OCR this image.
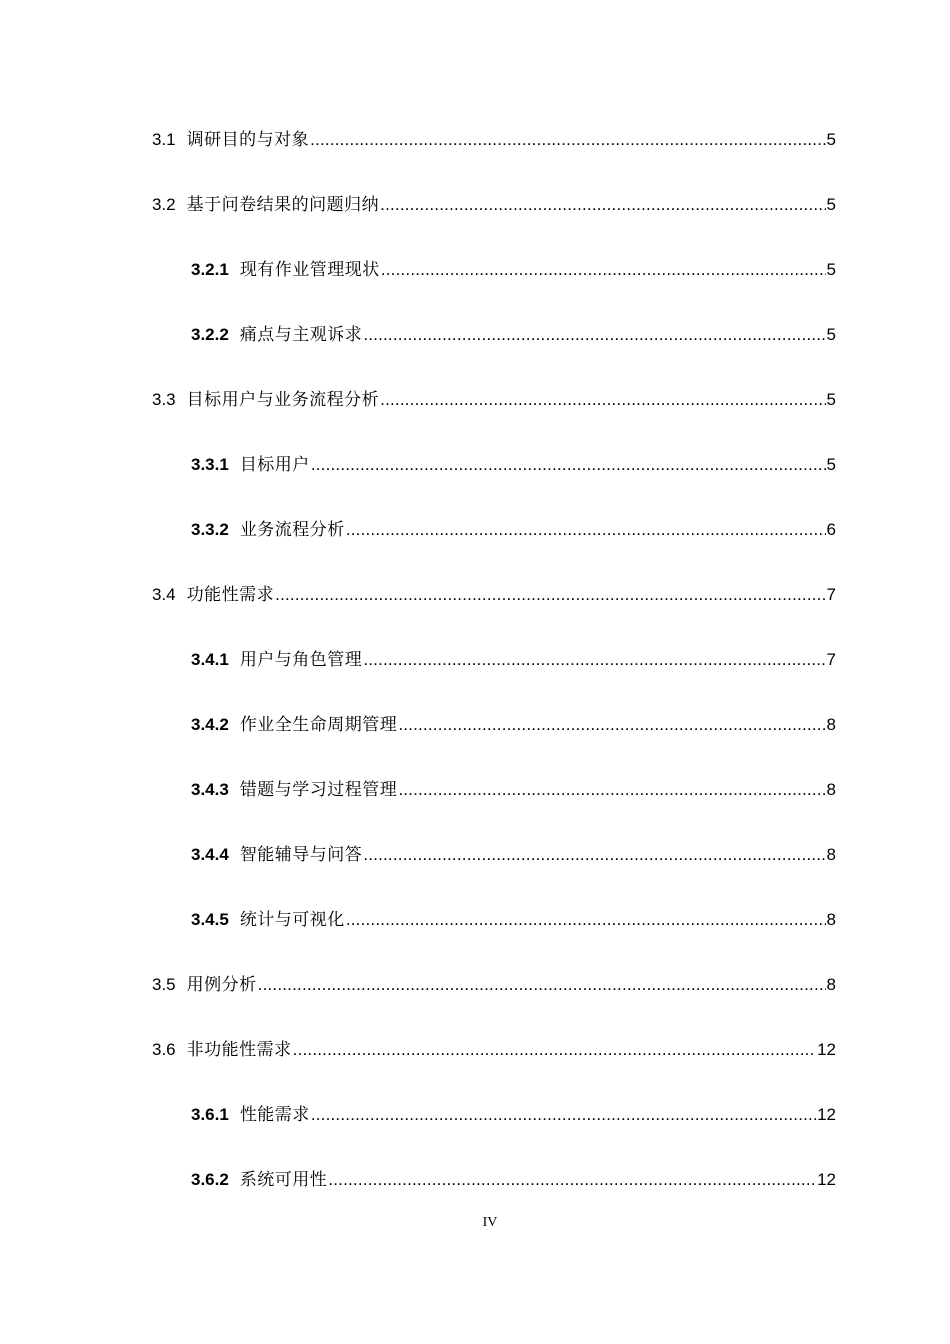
3.1 调研目的与对象 .....	5
3.2 基于问卷结果的问题归纳 .....	5
3.2.1 现有作业管理现状 .....	5
3.2.2 痛点与主观诉求 .....	5
3.3 目标用户与业务流程分析 .....	5
3.3.1 目标用户 .....	5
3.3.2 业务流程分析 .....	6
3.4 功能性需求 .....	7
3.4.1 用户与角色管理 .....	7
3.4.2 作业全生命周期管理 .....	8
3.4.3 错题与学习过程管理 .....	8
3.4.4 智能辅导与问答 .....	8
3.4.5 统计与可视化 .....	8
3.5 用例分析 .....	8
3.6 非功能性需求 .....	12
3.6.1 性能需求 .....	12
3.6.2 系统可用性 .....	12
IV
